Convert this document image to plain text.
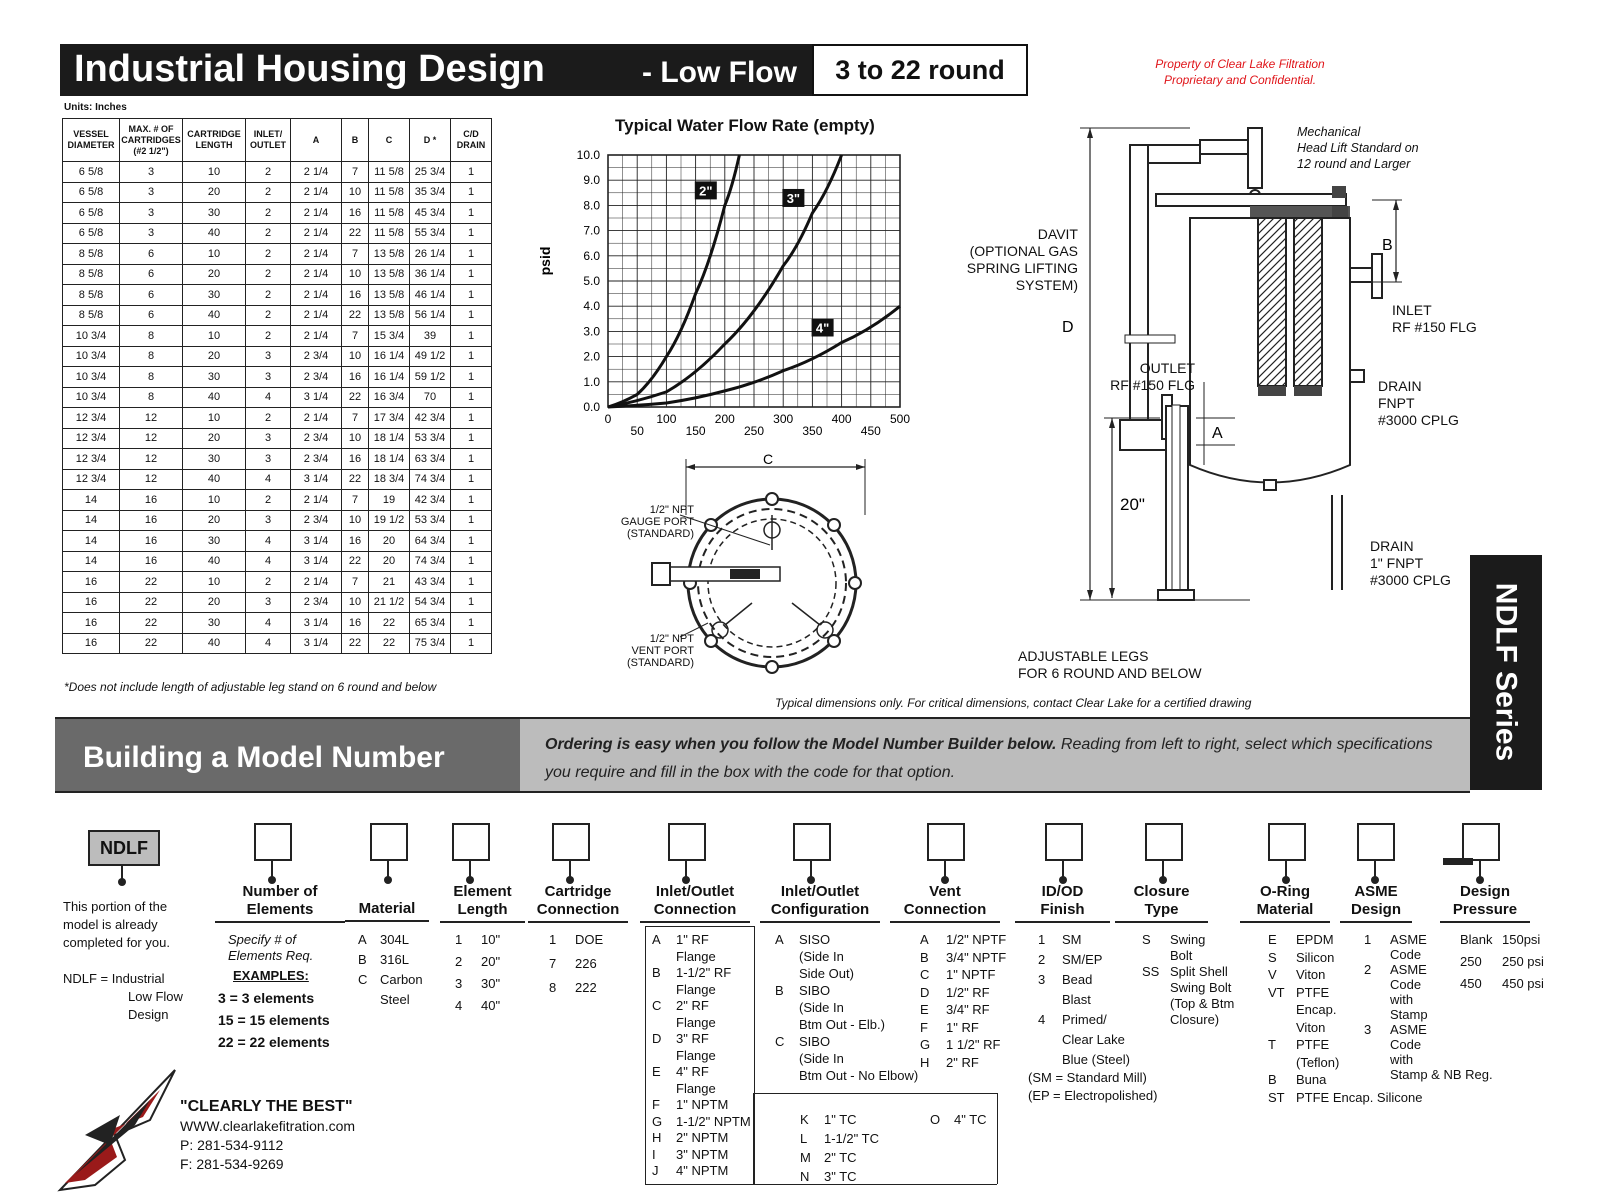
Industrial Housing Design	- Low Flow	3 to 22 round	Property of Clear Lake Filtration
Proprietary and Confidential.
Units: Inches
VESSEL DIAMETER	MAX. # OF CARTRIDGES (#2 1/2")	CARTRIDGE LENGTH	INLET/ OUTLET	A	B	C	D *	C/D DRAIN
6 5/8	3	10	2	2 1/4	7	11 5/8	25 3/4	1
6 5/8	3	20	2	2 1/4	10	11 5/8	35 3/4	1
6 5/8	3	30	2	2 1/4	16	11 5/8	45 3/4	1
6 5/8	3	40	2	2 1/4	22	11 5/8	55 3/4	1
8 5/8	6	10	2	2 1/4	7	13 5/8	26 1/4	1
8 5/8	6	20	2	2 1/4	10	13 5/8	36 1/4	1
8 5/8	6	30	2	2 1/4	16	13 5/8	46 1/4	1
8 5/8	6	40	2	2 1/4	22	13 5/8	56 1/4	1
10 3/4	8	10	2	2 1/4	7	15 3/4	39	1
10 3/4	8	20	3	2 3/4	10	16 1/4	49 1/2	1
10 3/4	8	30	3	2 3/4	16	16 1/4	59 1/2	1
10 3/4	8	40	4	3 1/4	22	16 3/4	70	1
12 3/4	12	10	2	2 1/4	7	17 3/4	42 3/4	1
12 3/4	12	20	3	2 3/4	10	18 1/4	53 3/4	1
12 3/4	12	30	3	2 3/4	16	18 1/4	63 3/4	1
12 3/4	12	40	4	3 1/4	22	18 3/4	74 3/4	1
14	16	10	2	2 1/4	7	19	42 3/4	1
14	16	20	3	2 3/4	10	19 1/2	53 3/4	1
14	16	30	4	3 1/4	16	20	64 3/4	1
14	16	40	4	3 1/4	22	20	74 3/4	1
16	22	10	2	2 1/4	7	21	43 3/4	1
16	22	20	3	2 3/4	10	21 1/2	54 3/4	1
16	22	30	4	3 1/4	16	22	65 3/4	1
16	22	40	4	3 1/4	22	22	75 3/4	1
*Does not include length of adjustable leg stand on 6 round and below
Typical Water Flow Rate (empty)
0.0
1.0
2.0
3.0
4.0
5.0
6.0
7.0
8.0
9.0
10.0
0
50
100
150
200
250
300
350
400
450
500
psid
2"
3"
4"
C
1/2" NPT
GAUGE PORT
(STANDARD)
1/2" NPT
VENT PORT
(STANDARD)
D
B
A
20"
Mechanical
Head Lift Standard on
12 round and Larger
DAVIT
(OPTIONAL GAS
SPRING LIFTING
SYSTEM)
INLET
RF #150 FLG
OUTLET
RF #150 FLG	DRAIN
FNPT
#3000 CPLG
DRAIN
1" FNPT
#3000 CPLG
ADJUSTABLE LEGS
FOR 6 ROUND AND BELOW
Typical dimensions only. For critical dimensions, contact Clear Lake for a certified drawing	NDLF Series
Building a Model Number	Ordering is easy when you follow the Model Number Builder below. Reading from left to right, select which specifications you require and fill in the box with the code for that option.
NDLF
This portion of the
model is already
completed for you.
NDLF = Industrial
Low Flow
Design
Number of
Elements	Material
Element
Length
Cartridge
Connection
Inlet/Outlet
Connection
Inlet/Outlet
Configuration
Vent
Connection
ID/OD
Finish
Closure
Type
O-Ring
Material
ASME
Design
Design
Pressure
Specify # of
Elements Req.
EXAMPLES:
3 = 3 elements
15 = 15 elements
22 = 22 elements
A 304L
B 316L
C Carbon
Steel
1 10"
2 20"
3 30"
4 40"
1 DOE
7 226
8 222
A 1" RF
Flange
B 1-1/2" RF
Flange
C 2" RF
Flange
D 3" RF
Flange
E 4" RF
Flange
F 1" NPTM
G 1-1/2" NPTM
H 2" NPTM
I 3" NPTM
J 4" NPTM
K 1" TC
L 1-1/2" TC
M 2" TC
N 3" TC
O 4" TC
A SISO
(Side In
Side Out)
B SIBO
(Side In
Btm Out - Elb.)
C SIBO
(Side In
Btm Out - No Elbow)
A 1/2" NPTF
B 3/4" NPTF
C 1" NPTF
D 1/2" RF
E 3/4" RF
F 1" RF
G 1 1/2" RF
H 2" RF
1 SM
2 SM/EP
3 Bead
Blast
4 Primed/
Clear Lake
Blue (Steel)
(SM = Standard Mill)
(EP = Electropolished)
S Swing
Bolt
SS Split Shell
Swing Bolt
(Top & Btm
Closure)
E EPDM
S Silicon
V Viton
VT PTFE
Encap.
Viton
T PTFE
(Teflon)
B Buna
ST PTFE Encap. Silicone
1 ASME
Code
2 ASME
Code
with
Stamp
3 ASME
Code
with
Stamp & NB Reg.
Blank 150psi
250 250 psi
450 450 psi
"CLEARLY THE BEST"
WWW.clearlakefitration.com
P: 281-534-9112
F: 281-534-9269
